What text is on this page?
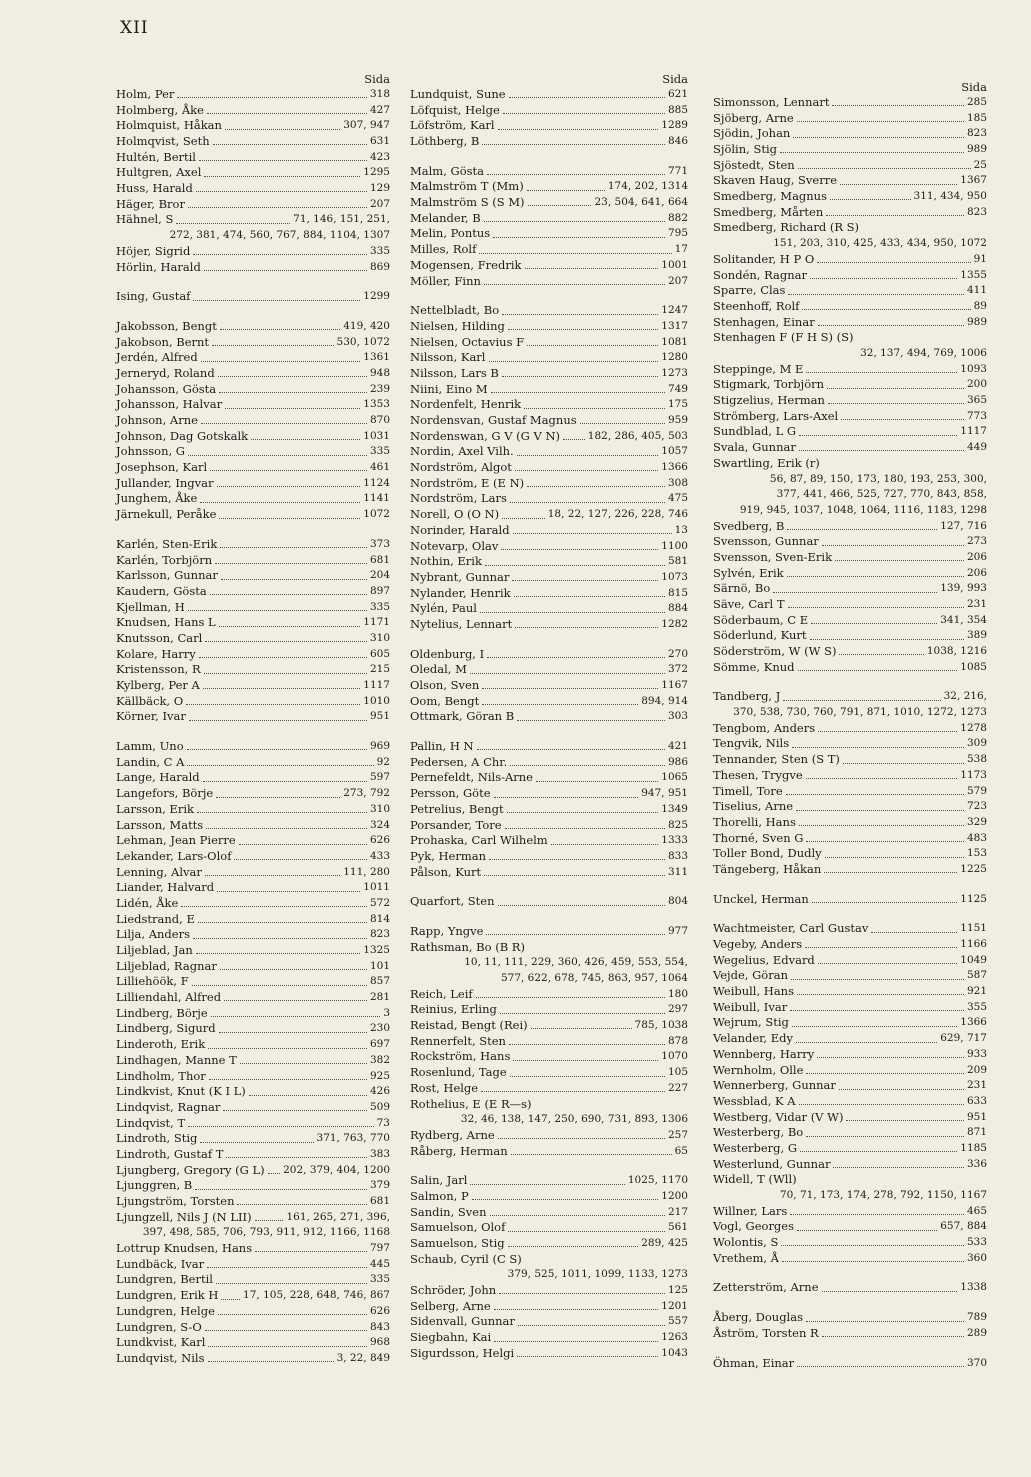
XII
Sida
Holm, Per	318
Holmberg, Åke	427
Holmquist, Håkan	307, 947
Holmqvist, Seth	631
Hultén, Bertil	423
Hultgren, Axel	1295
Huss, Harald	129
Häger, Bror	207
Hähnel, S	71, 146, 151, 251,
272, 381, 474, 560, 767, 884, 1104, 1307
Höjer, Sigrid	335
Hörlin, Harald	869
Ising, Gustaf	1299
Jakobsson, Bengt	419, 420
Jakobson, Bernt	530, 1072
Jerdén, Alfred	1361
Jerneryd, Roland	948
Johansson, Gösta	239
Johansson, Halvar	1353
Johnson, Arne	870
Johnson, Dag Gotskalk	1031
Johnsson, G	335
Josephson, Karl	461
Jullander, Ingvar	1124
Junghem, Åke	1141
Järnekull, Peråke	1072
Karlén, Sten-Erik	373
Karlén, Torbjörn	681
Karlsson, Gunnar	204
Kaudern, Gösta	897
Kjellman, H	335
Knudsen, Hans L	1171
Knutsson, Carl	310
Kolare, Harry	605
Kristensson, R	215
Kylberg, Per A	1117
Källbäck, O	1010
Körner, Ivar	951
Lamm, Uno	969
Landin, C A	92
Lange, Harald	597
Langefors, Börje	273, 792
Larsson, Erik	310
Larsson, Matts	324
Lehman, Jean Pierre	626
Lekander, Lars-Olof	433
Lenning, Alvar	111, 280
Liander, Halvard	1011
Lidén, Åke	572
Liedstrand, E	814
Lilja, Anders	823
Liljeblad, Jan	1325
Liljeblad, Ragnar	101
Lilliehöök, F	857
Lilliendahl, Alfred	281
Lindberg, Börje	3
Lindberg, Sigurd	230
Linderoth, Erik	697
Lindhagen, Manne T	382
Lindholm, Thor	925
Lindkvist, Knut (K I L)	426
Lindqvist, Ragnar	509
Lindqvist, T	73
Lindroth, Stig	371, 763, 770
Lindroth, Gustaf T	383
Ljungberg, Gregory (G L) 202, 379, 404, 1200
Ljunggren, B	379
Ljungström, Torsten	681
Ljungzell, Nils J (N LII)	161, 265, 271, 396,
397, 498, 585, 706, 793, 911, 912, 1166, 1168
Lottrup Knudsen, Hans	797
Lundbäck, Ivar	445
Lundgren, Bertil	335
Lundgren, Erik H 17, 105, 228, 648, 746, 867
Lundgren, Helge	626
Lundgren, S-O	843
Lundkvist, Karl	968
Lundqvist, Nils	3, 22, 849
Sida
Lundquist, Sune	621
Löfquist, Helge	885
Löfström, Karl	1289
Löthberg, B	846
Malm, Gösta	771
Malmström T (Mm)	174, 202, 1314
Malmström S (S M)	23, 504, 641, 664
Melander, B	882
Melin, Pontus	795
Milles, Rolf	17
Mogensen, Fredrik	1001
Möller, Finn	207
Nettelbladt, Bo	1247
Nielsen, Hilding	1317
Nielsen, Octavius F	1081
Nilsson, Karl	1280
Nilsson, Lars B	1273
Niini, Eino M	749
Nordenfelt, Henrik	175
Nordensvan, Gustaf Magnus	959
Nordenswan, G V (G V N)	182, 286, 405, 503
Nordin, Axel Vilh.	1057
Nordström, Algot	1366
Nordström, E (E N)	308
Nordström, Lars	475
Norell, O (O N)	18, 22, 127, 226, 228, 746
Norinder, Harald	13
Notevarp, Olav	1100
Nothin, Erik	581
Nybrant, Gunnar	1073
Nylander, Henrik	815
Nylén, Paul	884
Nytelius, Lennart	1282
Oldenburg, I	270
Oledal, M	372
Olson, Sven	1167
Oom, Bengt	894, 914
Ottmark, Göran B	303
Pallin, H N	421
Pedersen, A Chr.	986
Pernefeldt, Nils-Arne	1065
Persson, Göte	947, 951
Petrelius, Bengt	1349
Porsander, Tore	825
Prohaska, Carl Wilhelm	1333
Pyk, Herman	833
Pålson, Kurt	311
Quarfort, Sten	804
Rapp, Yngve	977
Rathsman, Bo (B R)
10, 11, 111, 229, 360, 426, 459, 553, 554,
577, 622, 678, 745, 863, 957, 1064
Reich, Leif	180
Reinius, Erling	297
Reistad, Bengt (Rei)	785, 1038
Rennerfelt, Sten	878
Rockström, Hans	1070
Rosenlund, Tage	105
Rost, Helge	227
Rothelius, E (E R—s)
32, 46, 138, 147, 250, 690, 731, 893, 1306
Rydberg, Arne	257
Råberg, Herman	65
Salin, Jarl	1025, 1170
Salmon, P	1200
Sandin, Sven	217
Samuelson, Olof	561
Samuelson, Stig	289, 425
Schaub, Cyril (C S)
379, 525, 1011, 1099, 1133, 1273
Schröder, John	125
Selberg, Arne	1201
Sidenvall, Gunnar	557
Siegbahn, Kai	1263
Sigurdsson, Helgi	1043
Sida
Simonsson, Lennart	285
Sjöberg, Arne	185
Sjödin, Johan	823
Sjölin, Stig	989
Sjöstedt, Sten	25
Skaven Haug, Sverre	1367
Smedberg, Magnus	311, 434, 950
Smedberg, Mårten	823
Smedberg, Richard (R S)
151, 203, 310, 425, 433, 434, 950, 1072
Solitander, H P O	91
Sondén, Ragnar	1355
Sparre, Clas	411
Steenhoff, Rolf	89
Stenhagen, Einar	989
Stenhagen F (F H S) (S)
32, 137, 494, 769, 1006
Steppinge, M E	1093
Stigmark, Torbjörn	200
Stigzelius, Herman	365
Strömberg, Lars-Axel	773
Sundblad, L G	1117
Svala, Gunnar	449
Swartling, Erik (r)
56, 87, 89, 150, 173, 180, 193, 253, 300,
377, 441, 466, 525, 727, 770, 843, 858,
919, 945, 1037, 1048, 1064, 1116, 1183, 1298
Svedberg, B	127, 716
Svensson, Gunnar	273
Svensson, Sven-Erik	206
Sylvén, Erik	206
Särnö, Bo	139, 993
Säve, Carl T	231
Söderbaum, C E	341, 354
Söderlund, Kurt	389
Söderström, W (W S)	1038, 1216
Sömme, Knud	1085
Tandberg, J	32, 216,
370, 538, 730, 760, 791, 871, 1010, 1272, 1273
Tengbom, Anders	1278
Tengvik, Nils	309
Tennander, Sten (S T)	538
Thesen, Trygve	1173
Timell, Tore	579
Tiselius, Arne	723
Thorelli, Hans	329
Thorné, Sven G	483
Toller Bond, Dudly	153
Tängeberg, Håkan	1225
Unckel, Herman	1125
Wachtmeister, Carl Gustav	1151
Vegeby, Anders	1166
Wegelius, Edvard	1049
Vejde, Göran	587
Weibull, Hans	921
Weibull, Ivar	355
Wejrum, Stig	1366
Velander, Edy	629, 717
Wennberg, Harry	933
Wernholm, Olle	209
Wennerberg, Gunnar	231
Wessblad, K A	633
Westberg, Vidar (V W)	951
Westerberg, Bo	871
Westerberg, G	1185
Westerlund, Gunnar	336
Widell, T (Wll)
70, 71, 173, 174, 278, 792, 1150, 1167
Willner, Lars	465
Vogl, Georges	657, 884
Wolontis, S	533
Vrethem, Å	360
Zetterström, Arne	1338
Åberg, Douglas	789
Åström, Torsten R	289
Öhman, Einar	370
